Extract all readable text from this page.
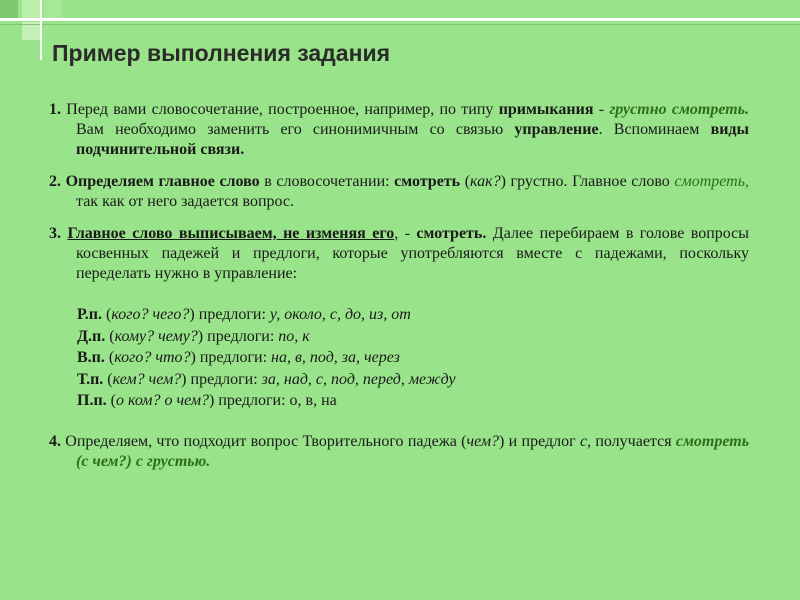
Пример выполнения задания

1. Перед вами словосочетание, построенное, например, по типу примыкания - грустно смотреть. Вам необходимо заменить его синонимичным со связью управление. Вспоминаем виды подчинительной связи.

2. Определяем главное слово в словосочетании: смотреть (как?) грустно. Главное слово смотреть, так как от него задается вопрос.

3. Главное слово выписываем, не изменяя его, - смотреть. Далее перебираем в голове вопросы косвенных падежей и предлоги, которые употребляются вместе с падежами, поскольку переделать нужно в управление:

Р.п. (кого? чего?) предлоги: у, около, с, до, из, от
Д.п. (кому? чему?) предлоги: по, к
В.п. (кого? что?) предлоги: на, в, под, за, через
Т.п. (кем? чем?) предлоги: за, над, с, под, перед, между
П.п. (о ком? о чем?) предлоги: о, в, на

4. Определяем, что подходит вопрос Творительного падежа (чем?) и предлог с, получается смотреть (с чем?) с грустью.
